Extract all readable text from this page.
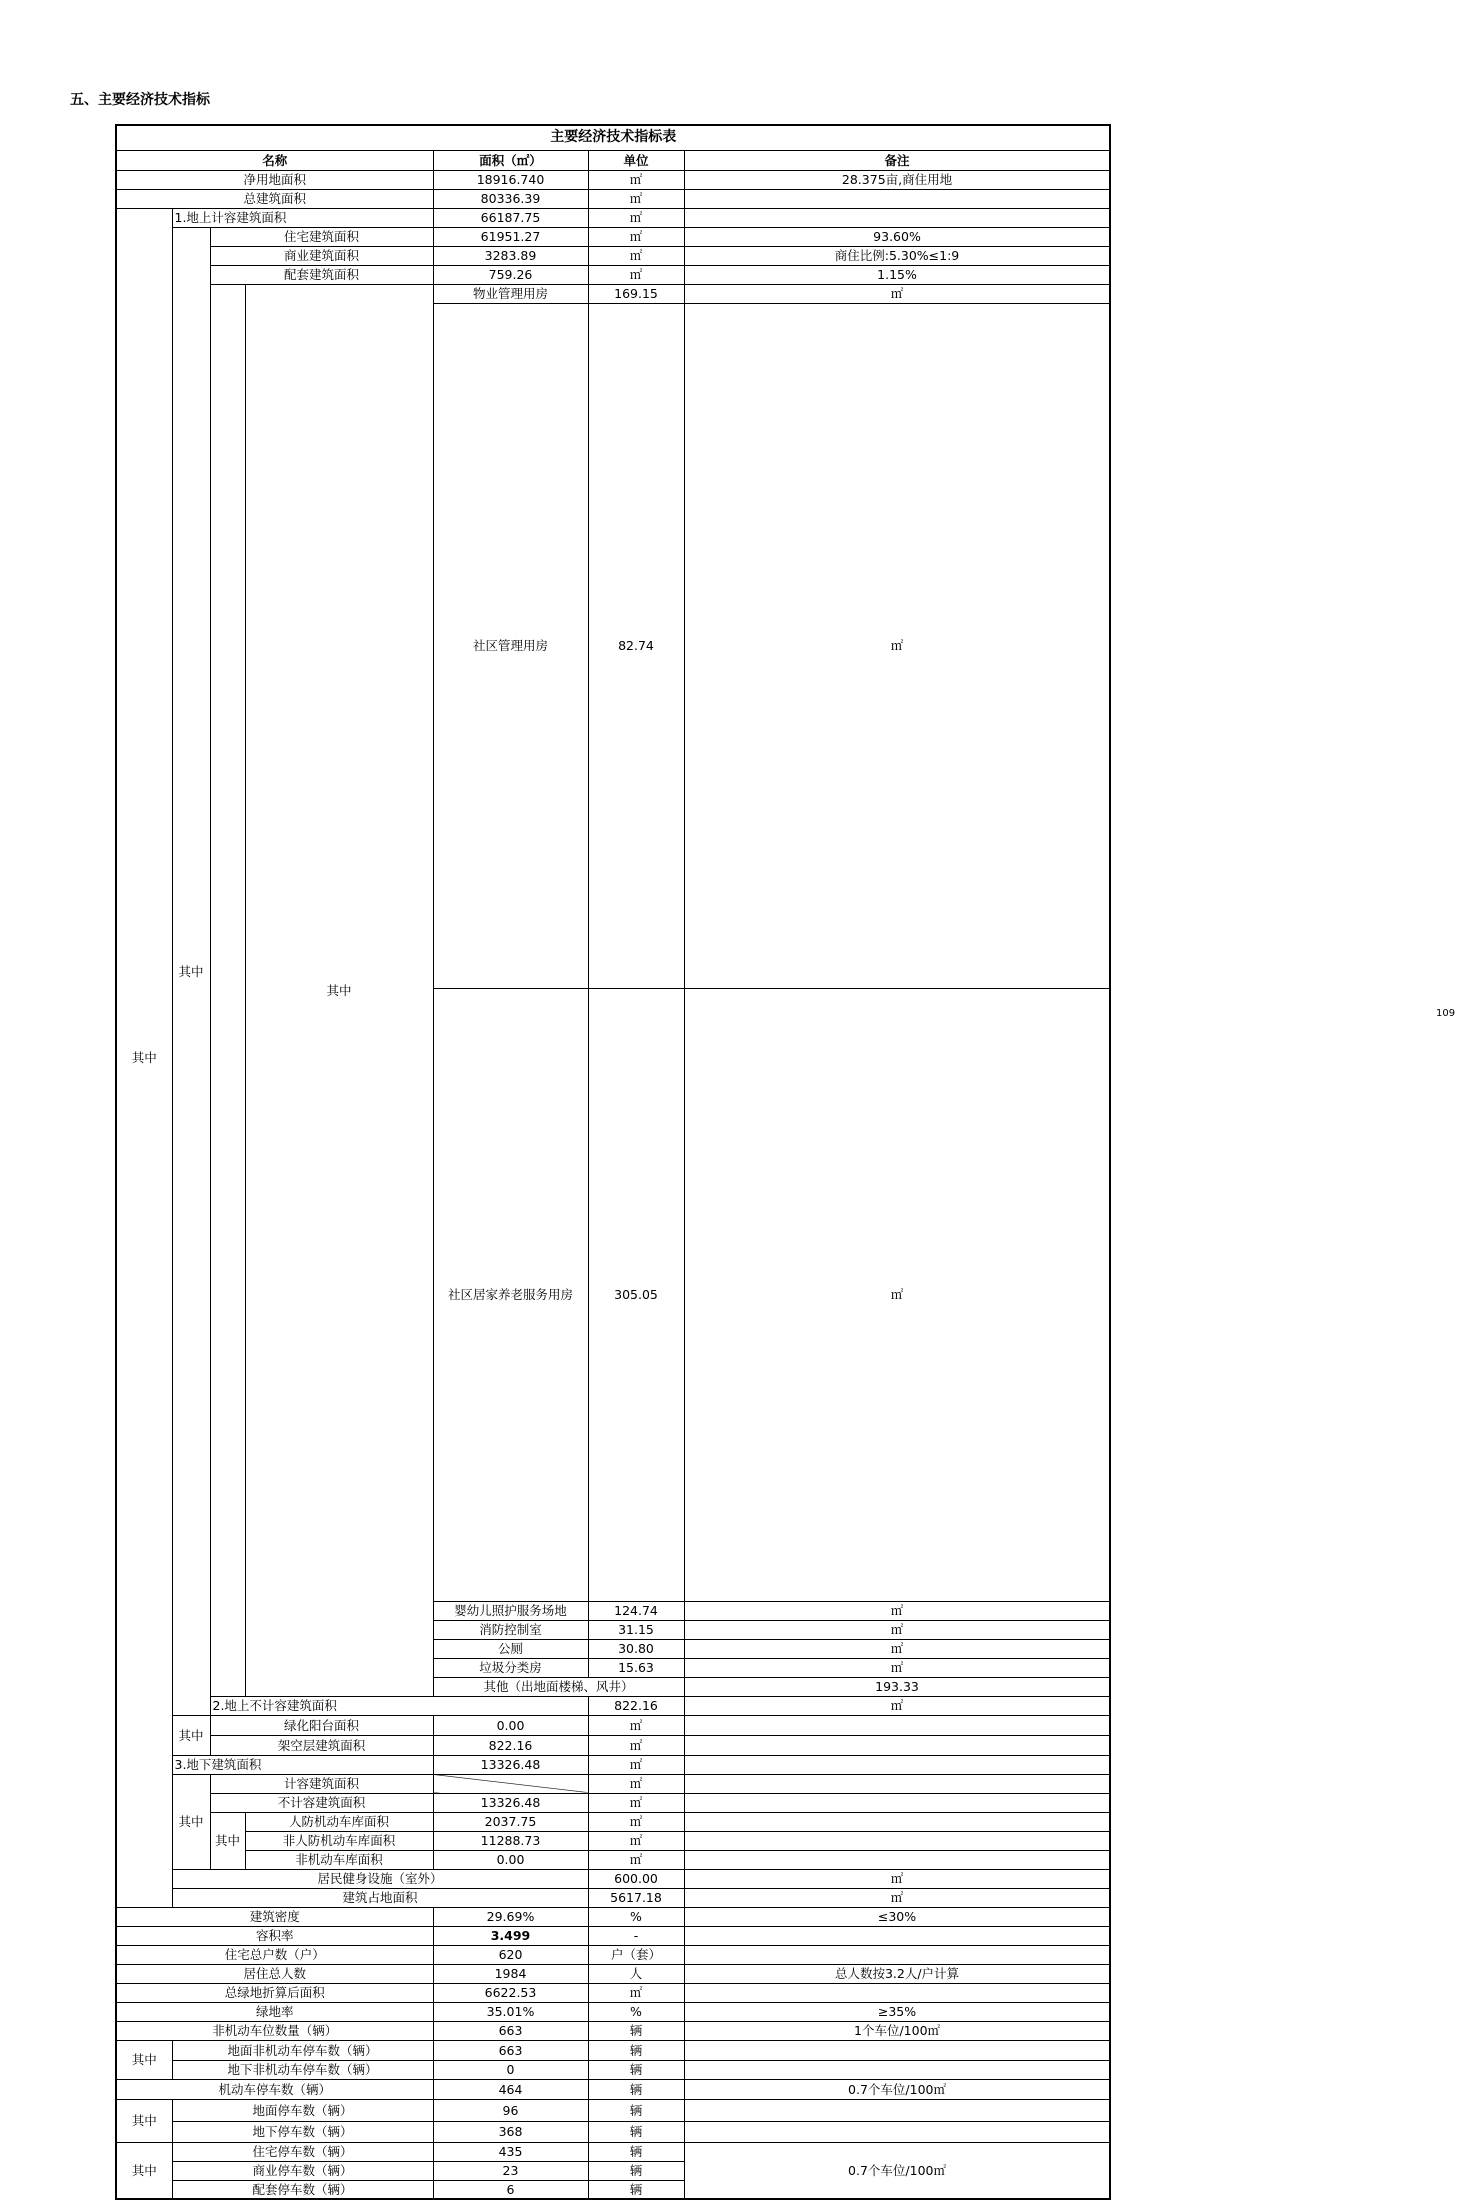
五、主要经济技术指标
主要经济技术指标表							
名称				面积（㎡）	单位	备注	
净用地面积				18916.740	㎡	28.375亩,商住用地	
总建筑面积				80336.39	㎡		
其中	1.地上计容建筑面积			66187.75	㎡		
	其中	住宅建筑面积		61951.27	㎡	93.60%	
		商业建筑面积		3283.89	㎡	商住比例:5.30%≤1:9	
		配套建筑面积		759.26	㎡	1.15%	
			其中	物业管理用房	169.15	㎡	
				社区管理用房	82.74	㎡	
				社区居家养老服务用房	305.05	㎡	
				婴幼儿照护服务场地	124.74	㎡	
				消防控制室	31.15	㎡	
				公厕	30.80	㎡	
				垃圾分类房	15.63	㎡	
				其他（出地面楼梯、风井）		193.33		
		2.地上不计容建筑面积			822.16	㎡	
	其中	绿化阳台面积		0.00	㎡		
		架空层建筑面积		822.16	㎡		
	3.地下建筑面积			13326.48	㎡		
	其中	计容建筑面积			㎡		
		不计容建筑面积		13326.48	㎡		
		其中	人防机动车库面积	2037.75	㎡		
			非人防机动车库面积	11288.73	㎡		
			非机动车库面积	0.00	㎡		
	居民健身设施（室外）				600.00	㎡	
	建筑占地面积				5617.18	㎡	
建筑密度				29.69%	%	≤30%	
容积率				3.499	-		
住宅总户数（户）				620	户（套）		
居住总人数				1984	人	总人数按3.2人/户计算	
总绿地折算后面积				6622.53	㎡		
绿地率				35.01%	%	≥35%	
非机动车位数量（辆）				663	辆	1个车位/100㎡	
其中	地面非机动车停车数（辆）			663	辆		
	地下非机动车停车数（辆）			0	辆		
机动车停车数（辆）				464	辆	0.7个车位/100㎡	
其中	地面停车数（辆）			96	辆		
	地下停车数（辆）			368	辆		
其中	住宅停车数（辆）			435	辆	0.7个车位/100㎡	
	商业停车数（辆）			23	辆		
	配套停车数（辆）			6	辆		
109
